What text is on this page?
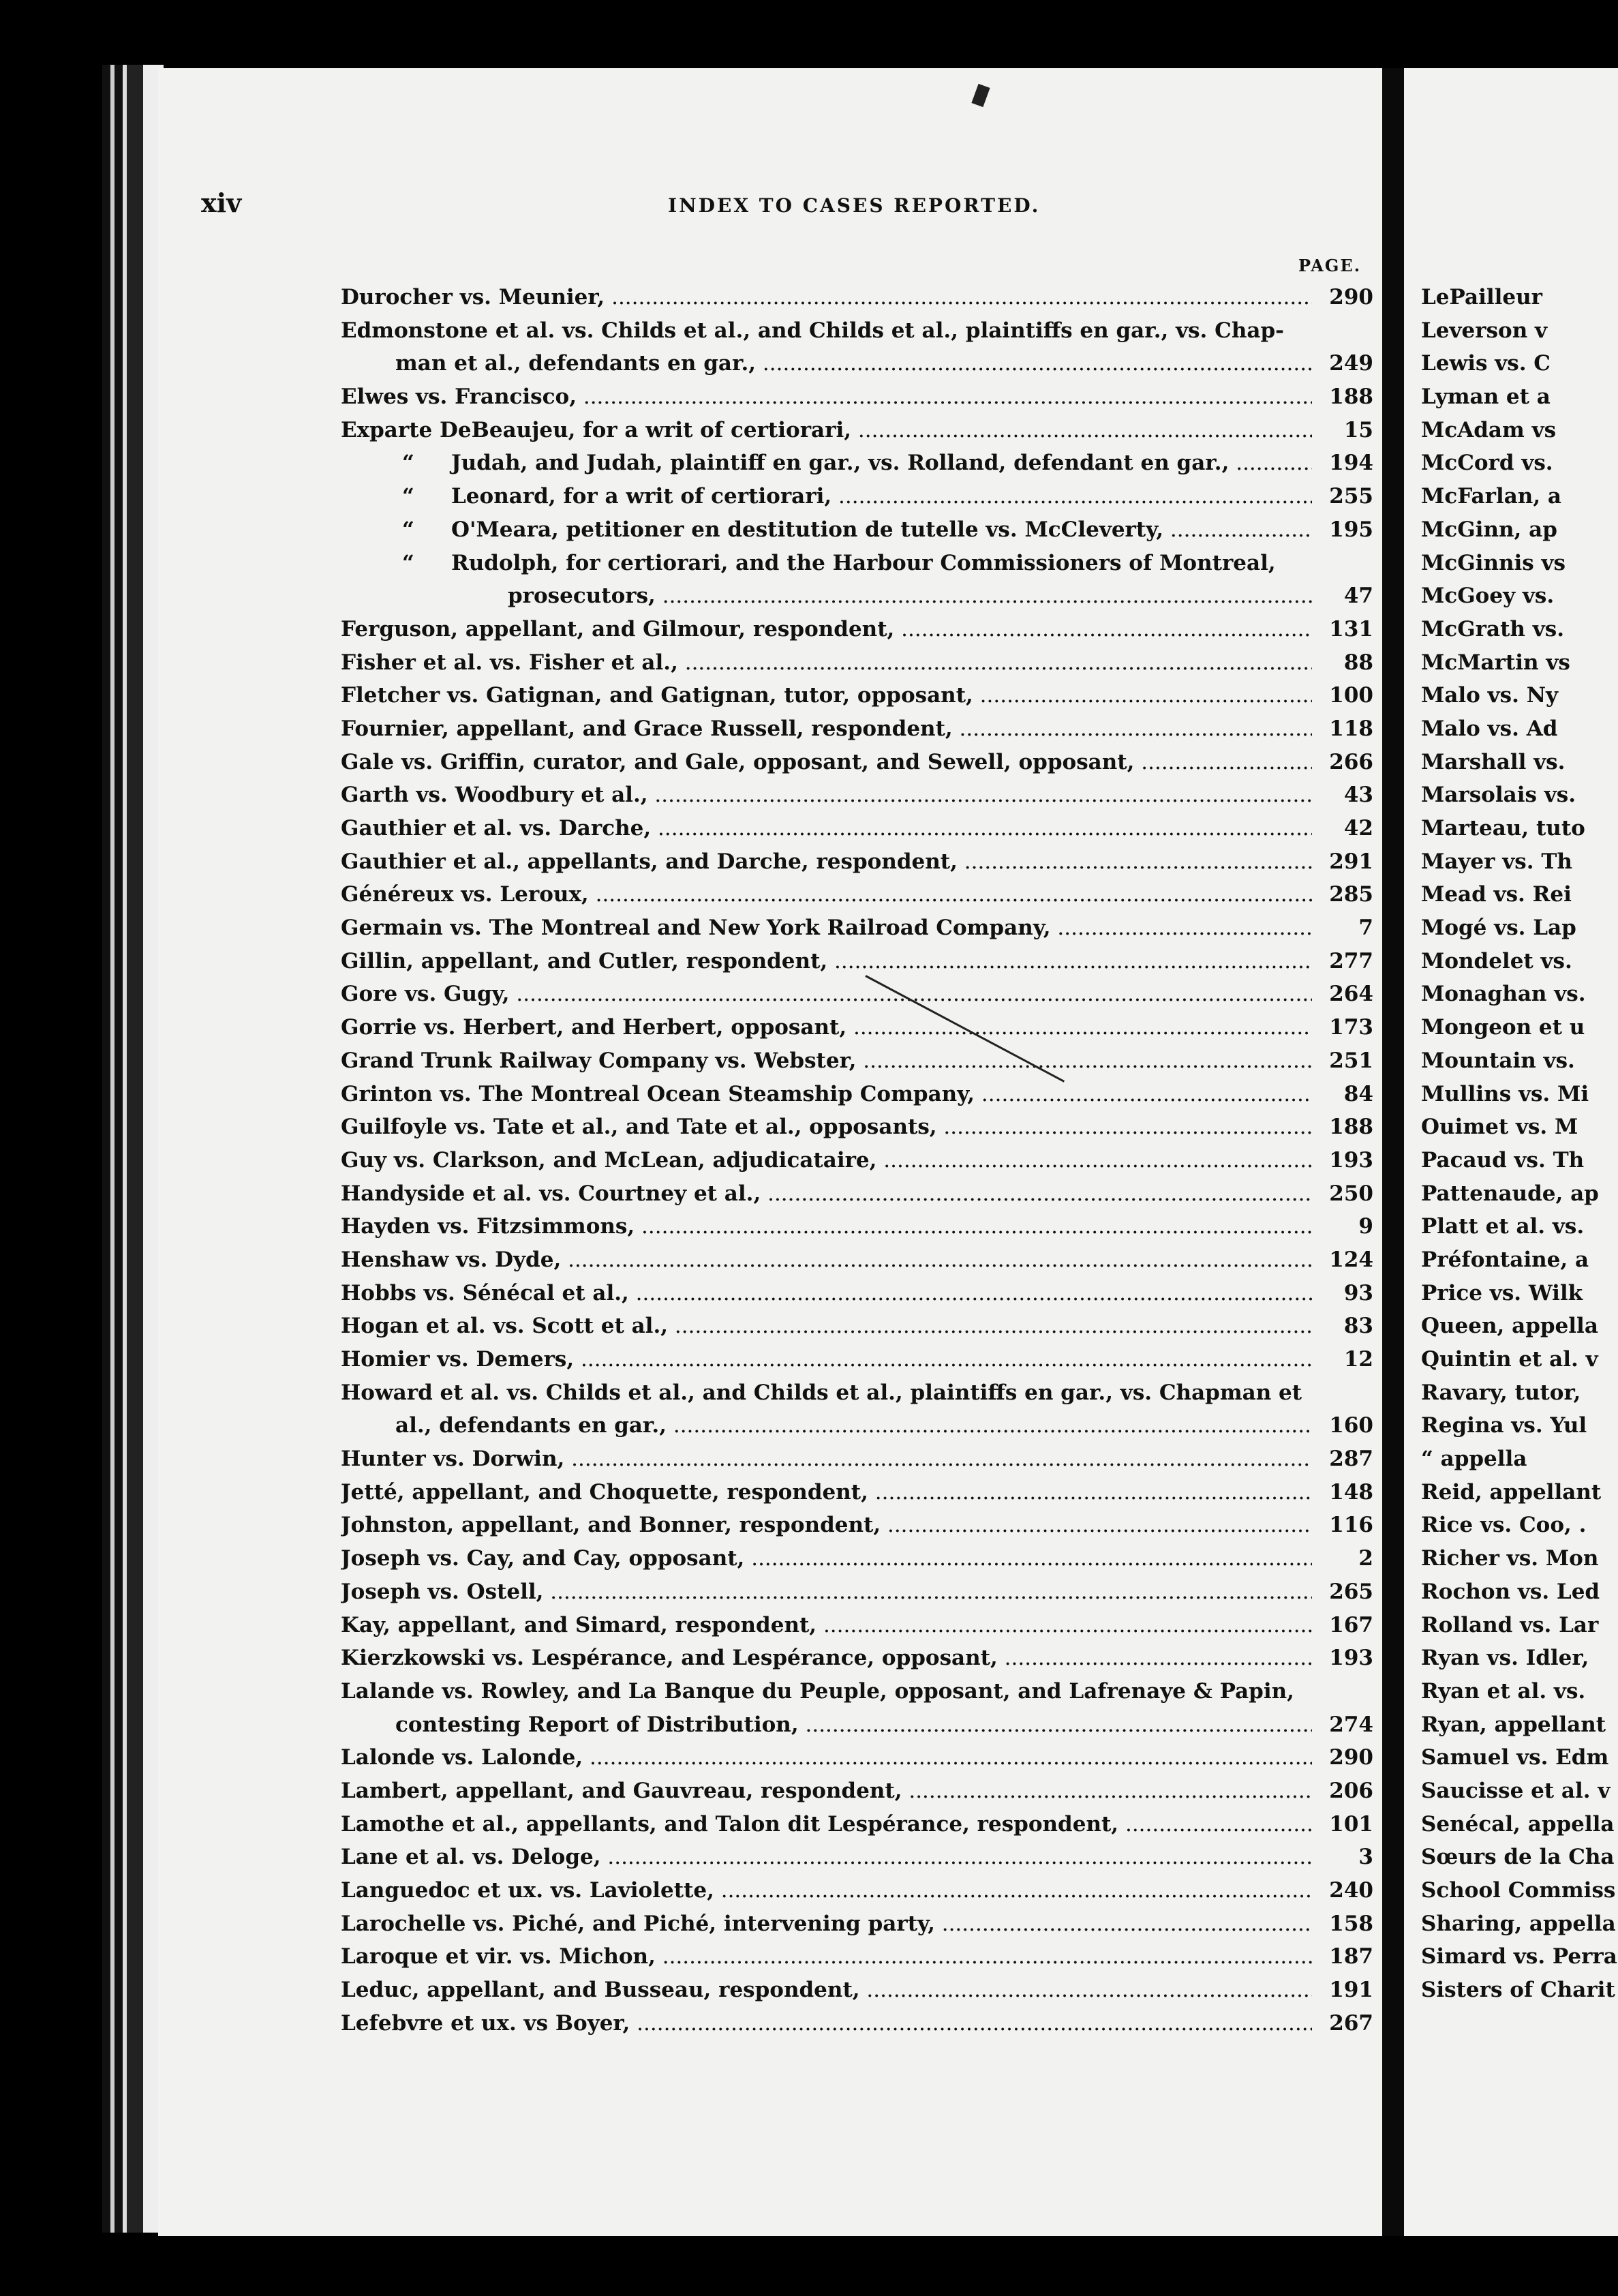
xiv	INDEX TO CASES REPORTED.
PAGE.
Durocher vs. Meunier, .....	290
Edmonstone et al. vs. Childs et al., and Childs et al., plaintiffs en gar., vs. Chap-
man et al., defendants en gar., .....	249
Elwes vs. Francisco, .....	188
Exparte DeBeaujeu, for a writ of certiorari, .....	15
“ Judah, and Judah, plaintiff en gar., vs. Rolland, defendant en gar., .....	194
“ Leonard, for a writ of certiorari, .....	255
“ O'Meara, petitioner en destitution de tutelle vs. McCleverty, .....	195
“ Rudolph, for certiorari, and the Harbour Commissioners of Montreal,
prosecutors, .....	47
Ferguson, appellant, and Gilmour, respondent, .....	131
Fisher et al. vs. Fisher et al., .....	88
Fletcher vs. Gatignan, and Gatignan, tutor, opposant, .....	100
Fournier, appellant, and Grace Russell, respondent, .....	118
Gale vs. Griffin, curator, and Gale, opposant, and Sewell, opposant, .....	266
Garth vs. Woodbury et al., .....	43
Gauthier et al. vs. Darche, .....	42
Gauthier et al., appellants, and Darche, respondent, .....	291
Généreux vs. Leroux, .....	285
Germain vs. The Montreal and New York Railroad Company, .....	7
Gillin, appellant, and Cutler, respondent, .....	277
Gore vs. Gugy, .....	264
Gorrie vs. Herbert, and Herbert, opposant, .....	173
Grand Trunk Railway Company vs. Webster, .....	251
Grinton vs. The Montreal Ocean Steamship Company, .....	84
Guilfoyle vs. Tate et al., and Tate et al., opposants, .....	188
Guy vs. Clarkson, and McLean, adjudicataire, .....	193
Handyside et al. vs. Courtney et al., .....	250
Hayden vs. Fitzsimmons, .....	9
Henshaw vs. Dyde, .....	124
Hobbs vs. Sénécal et al., .....	93
Hogan et al. vs. Scott et al., .....	83
Homier vs. Demers, .....	12
Howard et al. vs. Childs et al., and Childs et al., plaintiffs en gar., vs. Chapman et
al., defendants en gar., .....	160
Hunter vs. Dorwin, .....	287
Jetté, appellant, and Choquette, respondent, .....	148
Johnston, appellant, and Bonner, respondent, .....	116
Joseph vs. Cay, and Cay, opposant, .....	2
Joseph vs. Ostell, .....	265
Kay, appellant, and Simard, respondent, .....	167
Kierzkowski vs. Lespérance, and Lespérance, opposant, .....	193
Lalande vs. Rowley, and La Banque du Peuple, opposant, and Lafrenaye & Papin,
contesting Report of Distribution, .....	274
Lalonde vs. Lalonde, .....	290
Lambert, appellant, and Gauvreau, respondent, .....	206
Lamothe et al., appellants, and Talon dit Lespérance, respondent, .....	101
Lane et al. vs. Deloge, .....	3
Languedoc et ux. vs. Laviolette, .....	240
Larochelle vs. Piché, and Piché, intervening party, .....	158
Laroque et vir. vs. Michon, .....	187
Leduc, appellant, and Busseau, respondent, .....	191
Lefebvre et ux. vs Boyer, .....	267
LePailleur
Leverson v
Lewis vs. C
Lyman et a
McAdam vs
McCord vs.
McFarlan, a
McGinn, ap
McGinnis vs
McGoey vs.
McGrath vs.
McMartin vs
Malo vs. Ny
Malo vs. Ad
Marshall vs.
Marsolais vs.
Marteau, tuto
Mayer vs. Th
Mead vs. Rei
Mogé vs. Lap
Mondelet vs.
Monaghan vs.
Mongeon et u
Mountain vs.
Mullins vs. Mi
Ouimet vs. M
Pacaud vs. Th
Pattenaude, ap
Platt et al. vs.
Préfontaine, a
Price vs. Wilk
Queen, appella
Quintin et al. v
Ravary, tutor,
Regina vs. Yul
“ appella
Reid, appellant
Rice vs. Coo, .
Richer vs. Mon
Rochon vs. Led
Rolland vs. Lar
Ryan vs. Idler,
Ryan et al. vs.
Ryan, appellant
Samuel vs. Edm
Saucisse et al. v
Senécal, appella
Sœurs de la Cha
School Commiss
Sharing, appella
Simard vs. Perra
Sisters of Charit
